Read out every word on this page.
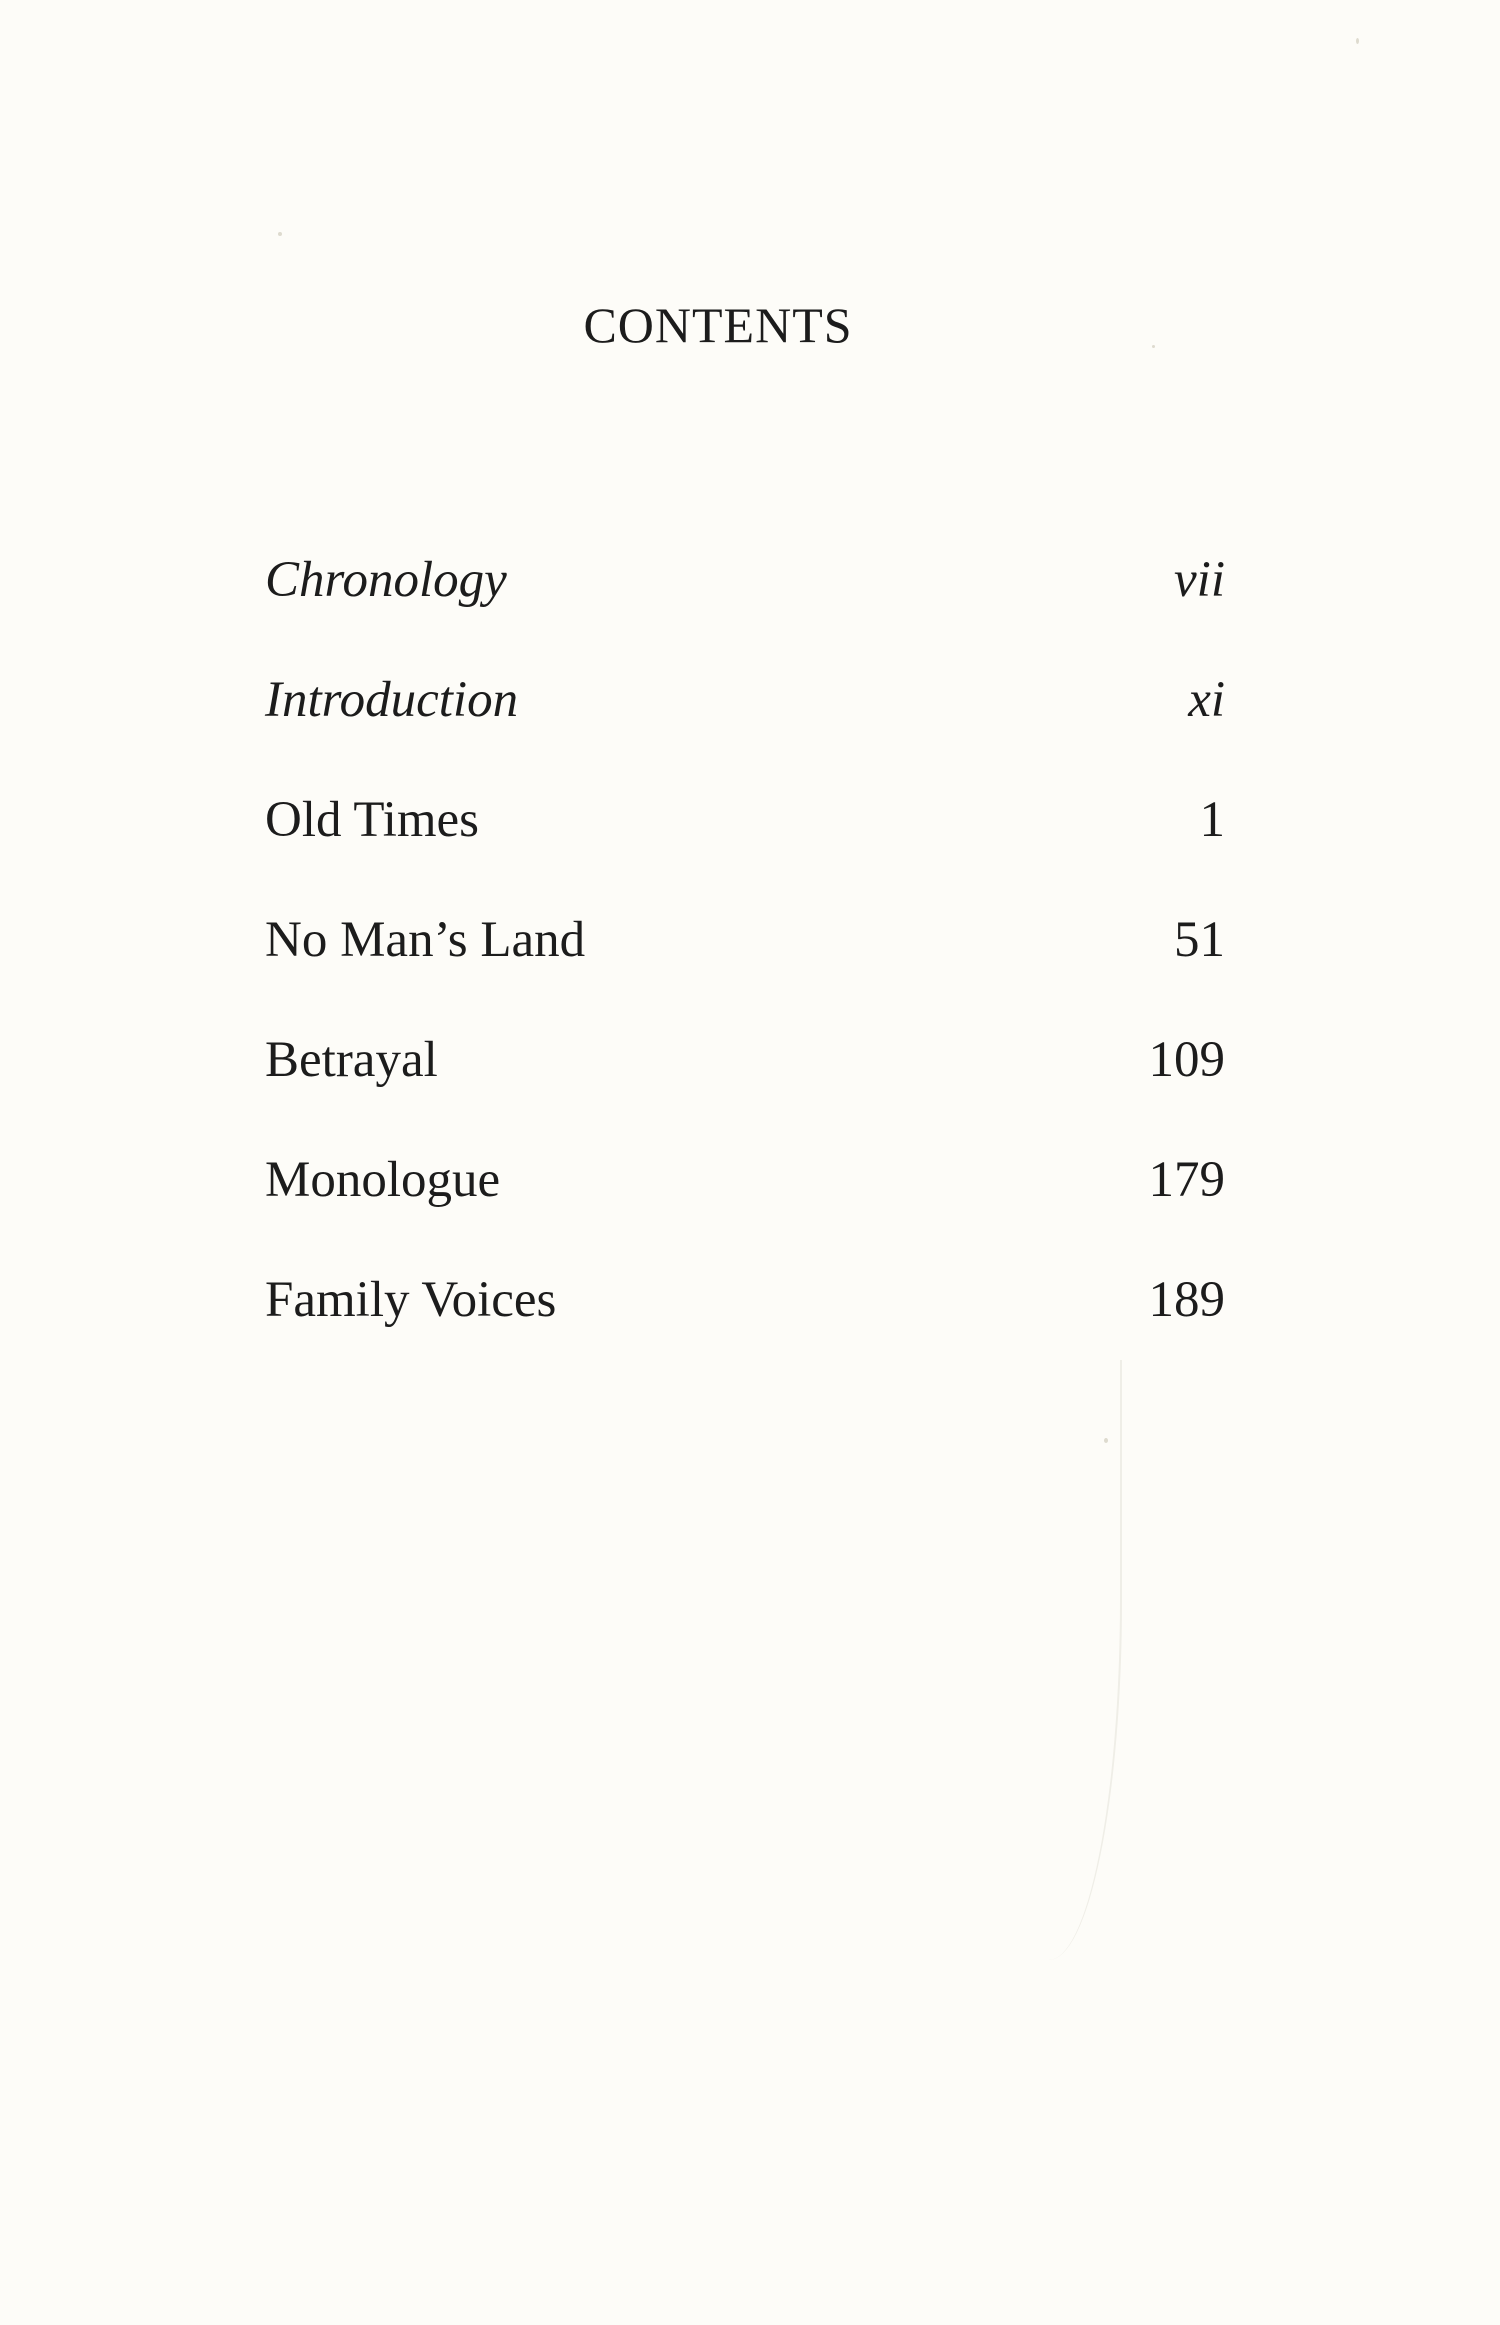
CONTENTS
Chronology	vii
Introduction	xi
Old Times	1
No Man’s Land	51
Betrayal	109
Monologue	179
Family Voices	189
